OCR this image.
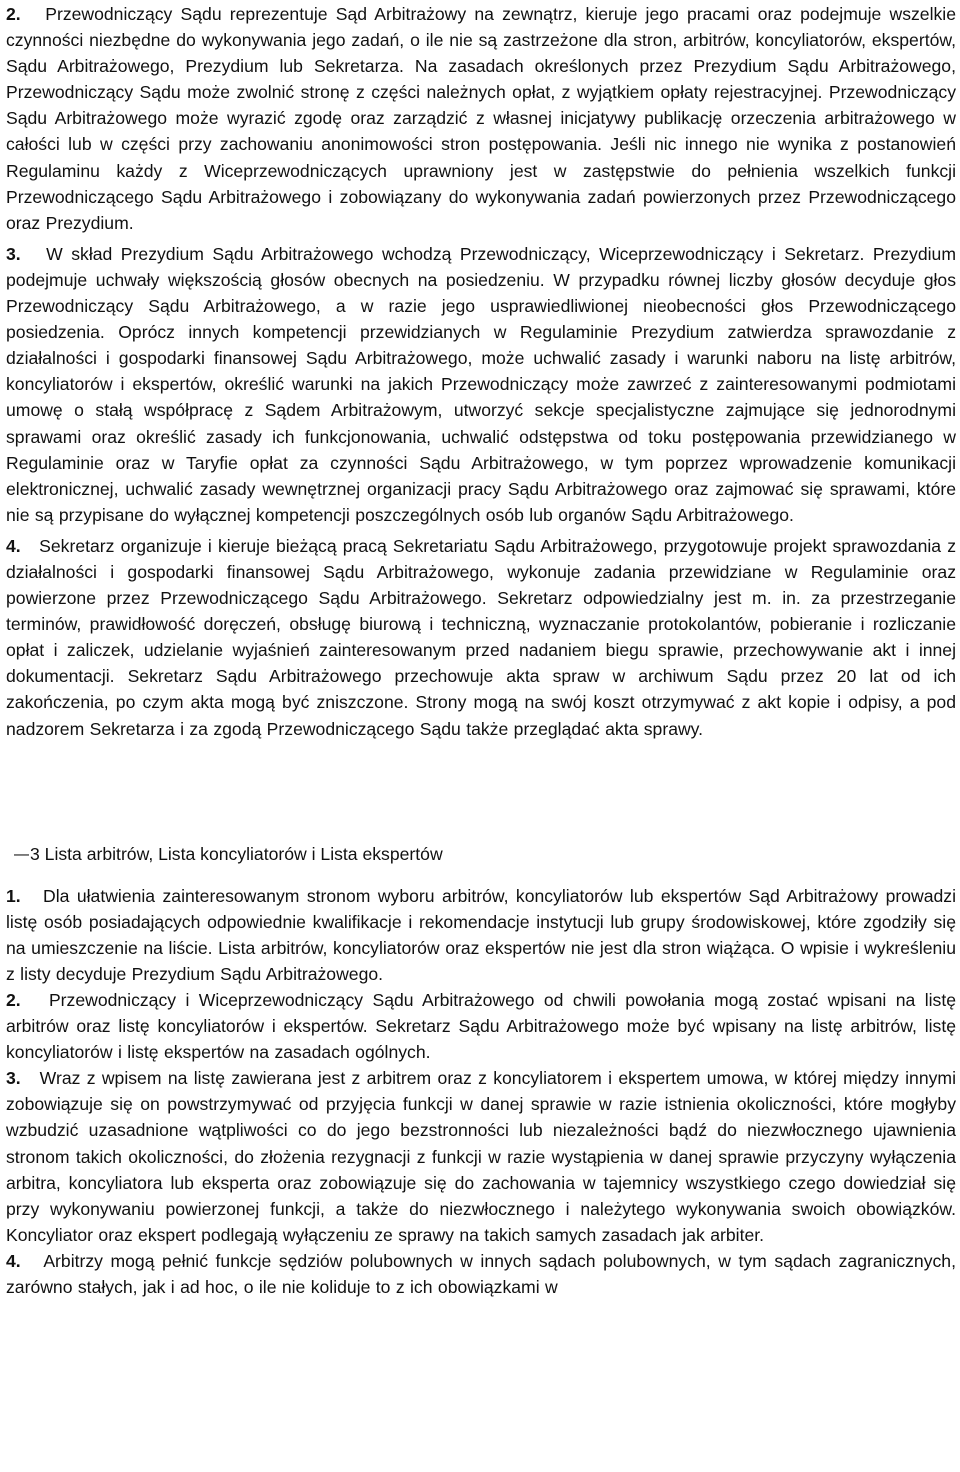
2. Przewodniczący Sądu reprezentuje Sąd Arbitrażowy na zewnątrz, kieruje jego pracami oraz podejmuje wszelkie czynności niezbędne do wykonywania jego zadań, o ile nie są zastrzeżone dla stron, arbitrów, koncyliatorów, ekspertów, Sądu Arbitrażowego, Prezydium lub Sekretarza. Na zasadach określonych przez Prezydium Sądu Arbitrażowego, Przewodniczący Sądu może zwolnić stronę z części należnych opłat, z wyjątkiem opłaty rejestracyjnej. Przewodniczący Sądu Arbitrażowego może wyrazić zgodę oraz zarządzić z własnej inicjatywy publikację orzeczenia arbitrażowego w całości lub w części przy zachowaniu anonimowości stron postępowania. Jeśli nic innego nie wynika z postanowień Regulaminu każdy z Wiceprzewodniczących uprawniony jest w zastępstwie do pełnienia wszelkich funkcji Przewodniczącego Sądu Arbitrażowego i zobowiązany do wykonywania zadań powierzonych przez Przewodniczącego oraz Prezydium.

3. W skład Prezydium Sądu Arbitrażowego wchodzą Przewodniczący, Wiceprzewodniczący i Sekretarz. Prezydium podejmuje uchwały większością głosów obecnych na posiedzeniu. W przypadku równej liczby głosów decyduje głos Przewodniczący Sądu Arbitrażowego, a w razie jego usprawiedliwionej nieobecności głos Przewodniczącego posiedzenia. Oprócz innych kompetencji przewidzianych w Regulaminie Prezydium zatwierdza sprawozdanie z działalności i gospodarki finansowej Sądu Arbitrażowego, może uchwalić zasady i warunki naboru na listę arbitrów, koncyliatorów i ekspertów, określić warunki na jakich Przewodniczący może zawrzeć z zainteresowanymi podmiotami umowę o stałą współpracę z Sądem Arbitrażowym, utworzyć sekcje specjalistyczne zajmujące się jednorodnymi sprawami oraz określić zasady ich funkcjonowania, uchwalić odstępstwa od toku postępowania przewidzianego w Regulaminie oraz w Taryfie opłat za czynności Sądu Arbitrażowego, w tym poprzez wprowadzenie komunikacji elektronicznej, uchwalić zasady wewnętrznej organizacji pracy Sądu Arbitrażowego oraz zajmować się sprawami, które nie są przypisane do wyłącznej kompetencji poszczególnych osób lub organów Sądu Arbitrażowego.

4. Sekretarz organizuje i kieruje bieżącą pracą Sekretariatu Sądu Arbitrażowego, przygotowuje projekt sprawozdania z działalności i gospodarki finansowej Sądu Arbitrażowego, wykonuje zadania przewidziane w Regulaminie oraz powierzone przez Przewodniczącego Sądu Arbitrażowego. Sekretarz odpowiedzialny jest m. in. za przestrzeganie terminów, prawidłowość doręczeń, obsługę biurową i techniczną, wyznaczanie protokolantów, pobieranie i rozliczanie opłat i zaliczek, udzielanie wyjaśnień zainteresowanym przed nadaniem biegu sprawie, przechowywanie akt i innej dokumentacji. Sekretarz Sądu Arbitrażowego przechowuje akta spraw w archiwum Sądu przez 20 lat od ich zakończenia, po czym akta mogą być zniszczone. Strony mogą na swój koszt otrzymywać z akt kopie i odpisy, a pod nadzorem Sekretarza i za zgodą Przewodniczącego Sądu także przeglądać akta sprawy.

― 3 Lista arbitrów, Lista koncyliatorów i Lista ekspertów

1. Dla ułatwienia zainteresowanym stronom wyboru arbitrów, koncyliatorów lub ekspertów Sąd Arbitrażowy prowadzi listę osób posiadających odpowiednie kwalifikacje i rekomendacje instytucji lub grupy środowiskowej, które zgodziły się na umieszczenie na liście. Lista arbitrów, koncyliatorów oraz ekspertów nie jest dla stron wiążąca. O wpisie i wykreśleniu z listy decyduje Prezydium Sądu Arbitrażowego.

2. Przewodniczący i Wiceprzewodniczący Sądu Arbitrażowego od chwili powołania mogą zostać wpisani na listę arbitrów oraz listę koncyliatorów i ekspertów. Sekretarz Sądu Arbitrażowego może być wpisany na listę arbitrów, listę koncyliatorów i listę ekspertów na zasadach ogólnych.

3. Wraz z wpisem na listę zawierana jest z arbitrem oraz z koncyliatorem i ekspertem umowa, w której między innymi zobowiązuje się on powstrzymywać od przyjęcia funkcji w danej sprawie w razie istnienia okoliczności, które mogłyby wzbudzić uzasadnione wątpliwości co do jego bezstronności lub niezależności bądź do niezwłocznego ujawnienia stronom takich okoliczności, do złożenia rezygnacji z funkcji w razie wystąpienia w danej sprawie przyczyny wyłączenia arbitra, koncyliatora lub eksperta oraz zobowiązuje się do zachowania w tajemnicy wszystkiego czego dowiedział się przy wykonywaniu powierzonej funkcji, a także do niezwłocznego i należytego wykonywania swoich obowiązków. Koncyliator oraz ekspert podlegają wyłączeniu ze sprawy na takich samych zasadach jak arbiter.

4. Arbitrzy mogą pełnić funkcje sędziów polubownych w innych sądach polubownych, w tym sądach zagranicznych, zarówno stałych, jak i ad hoc, o ile nie koliduje to z ich obowiązkami w
